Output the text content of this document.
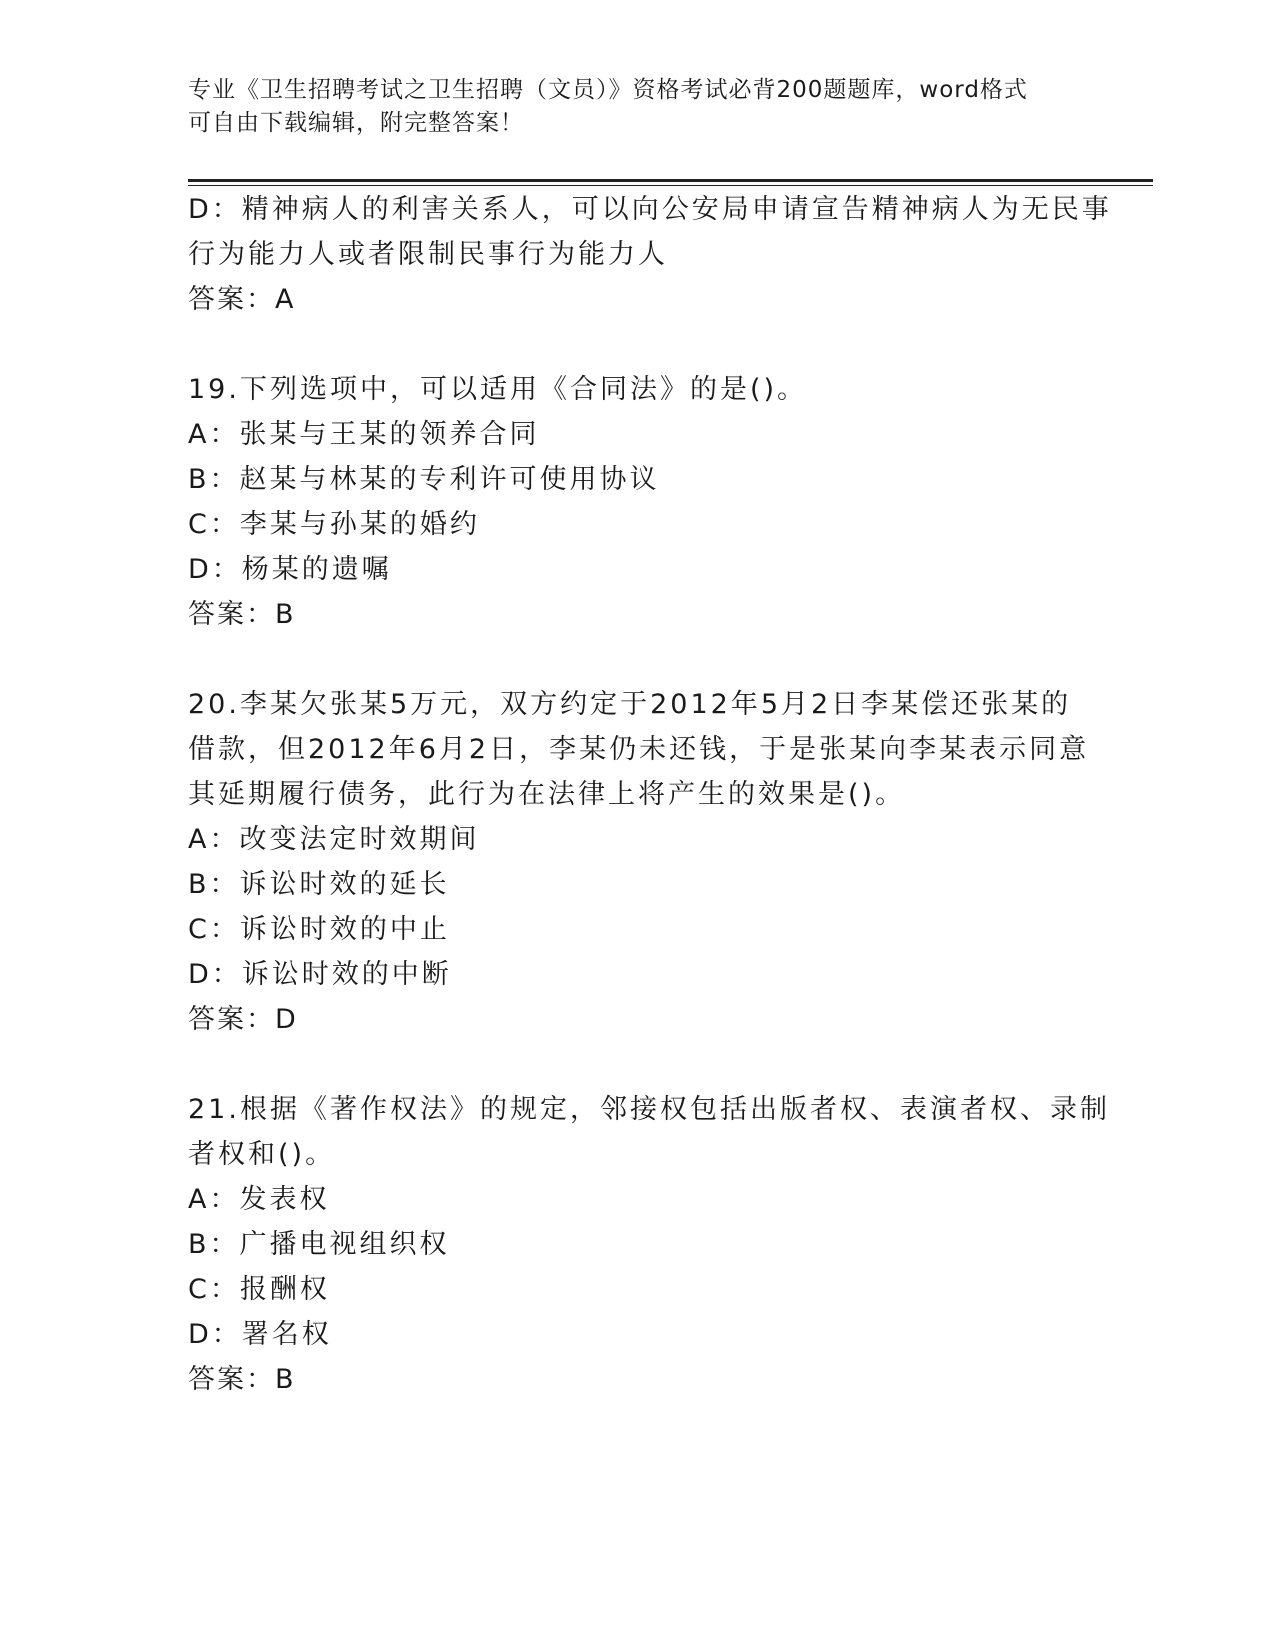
专业《卫生招聘考试之卫生招聘（文员）》资格考试必背200题题库，word格式
可自由下载编辑，附完整答案！
D：精神病人的利害关系人，可以向公安局申请宣告精神病人为无民事
行为能力人或者限制民事行为能力人
答案：A
19.下列选项中，可以适用《合同法》的是()。
A：张某与王某的领养合同
B：赵某与林某的专利许可使用协议
C：李某与孙某的婚约
D：杨某的遗嘱
答案：B
20.李某欠张某5万元，双方约定于2012年5月2日李某偿还张某的
借款，但2012年6月2日，李某仍未还钱，于是张某向李某表示同意
其延期履行债务，此行为在法律上将产生的效果是()。
A：改变法定时效期间
B：诉讼时效的延长
C：诉讼时效的中止
D：诉讼时效的中断
答案：D
21.根据《著作权法》的规定，邻接权包括出版者权、表演者权、录制
者权和()。
A：发表权
B：广播电视组织权
C：报酬权
D：署名权
答案：B
